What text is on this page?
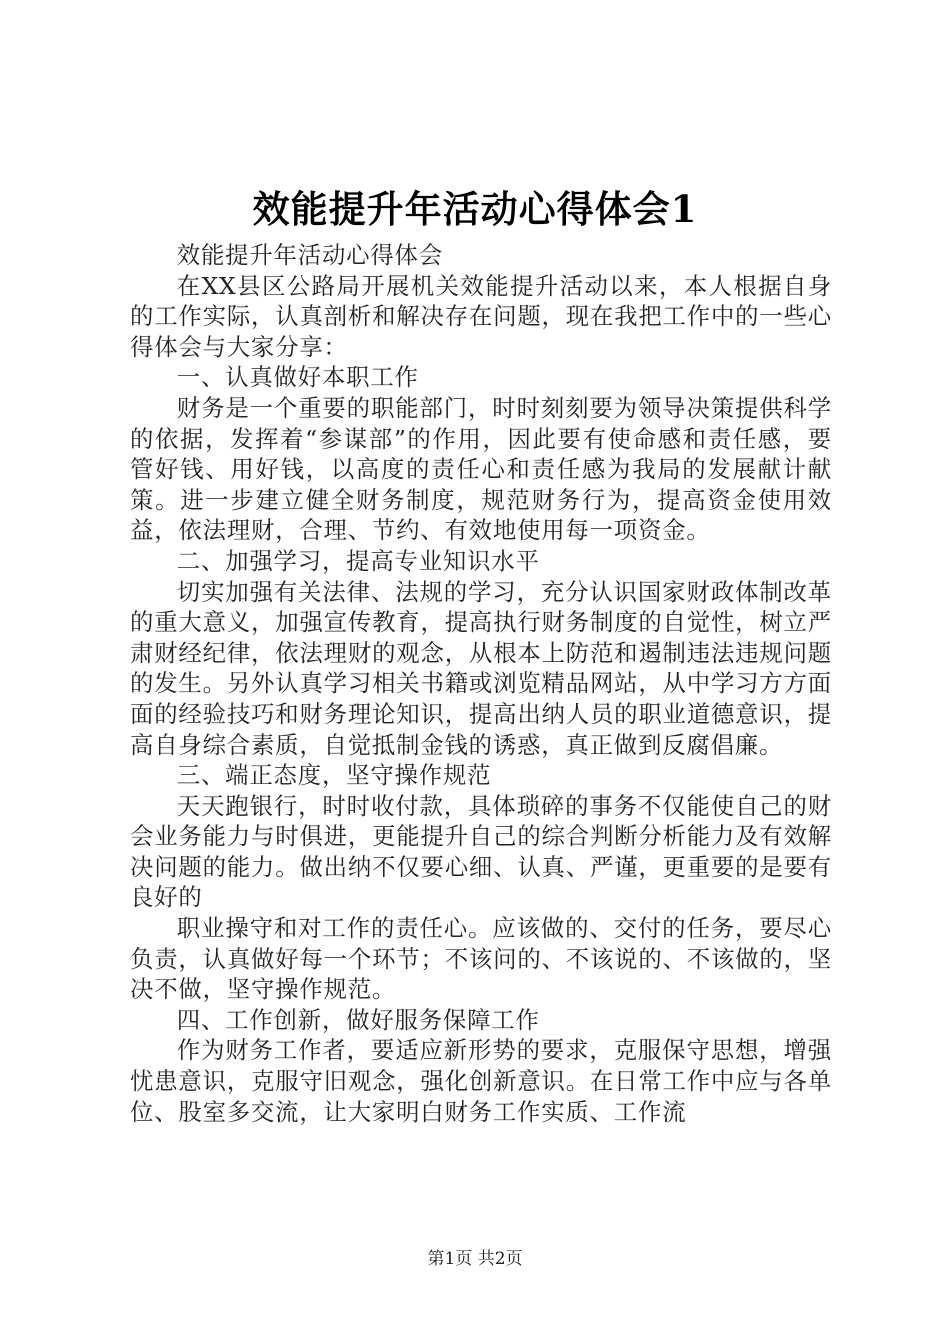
效能提升年活动心得体会1

效能提升年活动心得体会

在XX县区公路局开展机关效能提升活动以来，本人根据自身的工作实际，认真剖析和解决存在问题，现在我把工作中的一些心得体会与大家分享：

一、认真做好本职工作

财务是一个重要的职能部门，时时刻刻要为领导决策提供科学的依据，发挥着“参谋部”的作用，因此要有使命感和责任感，要管好钱、用好钱，以高度的责任心和责任感为我局的发展献计献策。进一步建立健全财务制度，规范财务行为，提高资金使用效益，依法理财，合理、节约、有效地使用每一项资金。

二、加强学习，提高专业知识水平

切实加强有关法律、法规的学习，充分认识国家财政体制改革的重大意义，加强宣传教育，提高执行财务制度的自觉性，树立严肃财经纪律，依法理财的观念，从根本上防范和遏制违法违规问题的发生。另外认真学习相关书籍或浏览精品网站，从中学习方方面面的经验技巧和财务理论知识，提高出纳人员的职业道德意识，提高自身综合素质，自觉抵制金钱的诱惑，真正做到反腐倡廉。

三、端正态度，坚守操作规范

天天跑银行，时时收付款，具体琐碎的事务不仅能使自己的财会业务能力与时俱进，更能提升自己的综合判断分析能力及有效解决问题的能力。做出纳不仅要心细、认真、严谨，更重要的是要有良好的

职业操守和对工作的责任心。应该做的、交付的任务，要尽心负责，认真做好每一个环节；不该问的、不该说的、不该做的，坚决不做，坚守操作规范。

四、工作创新，做好服务保障工作

作为财务工作者，要适应新形势的要求，克服保守思想，增强忧患意识，克服守旧观念，强化创新意识。在日常工作中应与各单位、股室多交流，让大家明白财务工作实质、工作流

第1页 共2页
